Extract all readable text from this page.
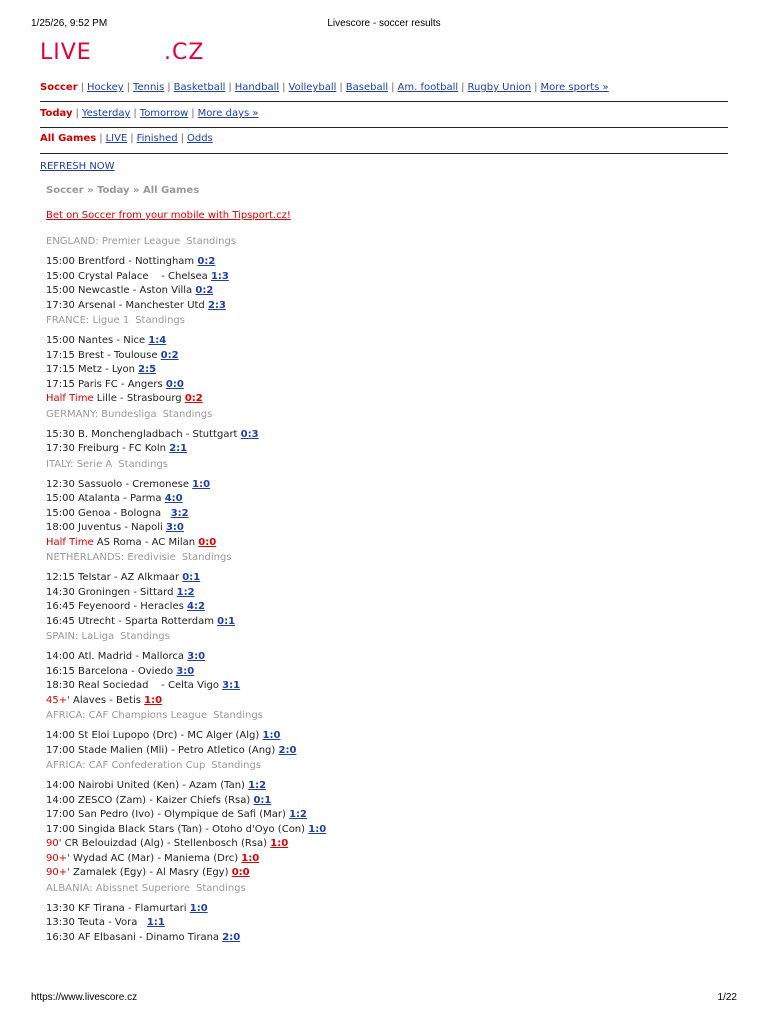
1/25/26, 9:52 PM	Livescore - soccer results
LIVE	.CZ
Soccer | Hockey | Tennis | Basketball | Handball | Volleyball | Baseball | Am. football | Rugby Union | More sports »
Today | Yesterday | Tomorrow | More days »
All Games | LIVE | Finished | Odds
REFRESH NOW
Soccer » Today » All Games
Bet on Soccer from your mobile with Tipsport.cz!
ENGLAND: Premier League Standings
15:00 Brentford - Nottingham 0:2
15:00 Crystal Palace    - Chelsea 1:3
15:00 Newcastle - Aston Villa 0:2
17:30 Arsenal - Manchester Utd 2:3
FRANCE: Ligue 1 Standings
15:00 Nantes - Nice 1:4
17:15 Brest - Toulouse 0:2
17:15 Metz - Lyon 2:5
17:15 Paris FC - Angers 0:0
Half Time Lille - Strasbourg 0:2
GERMANY: Bundesliga Standings
15:30 B. Monchengladbach - Stuttgart 0:3
17:30 Freiburg - FC Koln 2:1
ITALY: Serie A Standings
12:30 Sassuolo - Cremonese 1:0
15:00 Atalanta - Parma 4:0
15:00 Genoa - Bologna   3:2
18:00 Juventus - Napoli 3:0
Half Time AS Roma - AC Milan 0:0
NETHERLANDS: Eredivisie Standings
12:15 Telstar - AZ Alkmaar 0:1
14:30 Groningen - Sittard 1:2
16:45 Feyenoord - Heracles 4:2
16:45 Utrecht - Sparta Rotterdam 0:1
SPAIN: LaLiga Standings
14:00 Atl. Madrid - Mallorca 3:0
16:15 Barcelona - Oviedo 3:0
18:30 Real Sociedad    - Celta Vigo 3:1
45+' Alaves - Betis 1:0
AFRICA: CAF Champions League Standings
14:00 St Eloi Lupopo (Drc) - MC Alger (Alg) 1:0
17:00 Stade Malien (Mli) - Petro Atletico (Ang) 2:0
AFRICA: CAF Confederation Cup Standings
14:00 Nairobi United (Ken) - Azam (Tan) 1:2
14:00 ZESCO (Zam) - Kaizer Chiefs (Rsa) 0:1
17:00 San Pedro (Ivo) - Olympique de Safi (Mar) 1:2
17:00 Singida Black Stars (Tan) - Otoho d'Oyo (Con) 1:0
90' CR Belouizdad (Alg) - Stellenbosch (Rsa) 1:0
90+' Wydad AC (Mar) - Maniema (Drc) 1:0
90+' Zamalek (Egy) - Al Masry (Egy) 0:0
ALBANIA: Abissnet Superiore Standings
13:30 KF Tirana - Flamurtari 1:0
13:30 Teuta - Vora   1:1
16:30 AF Elbasani - Dinamo Tirana 2:0
https://www.livescore.cz	1/22
